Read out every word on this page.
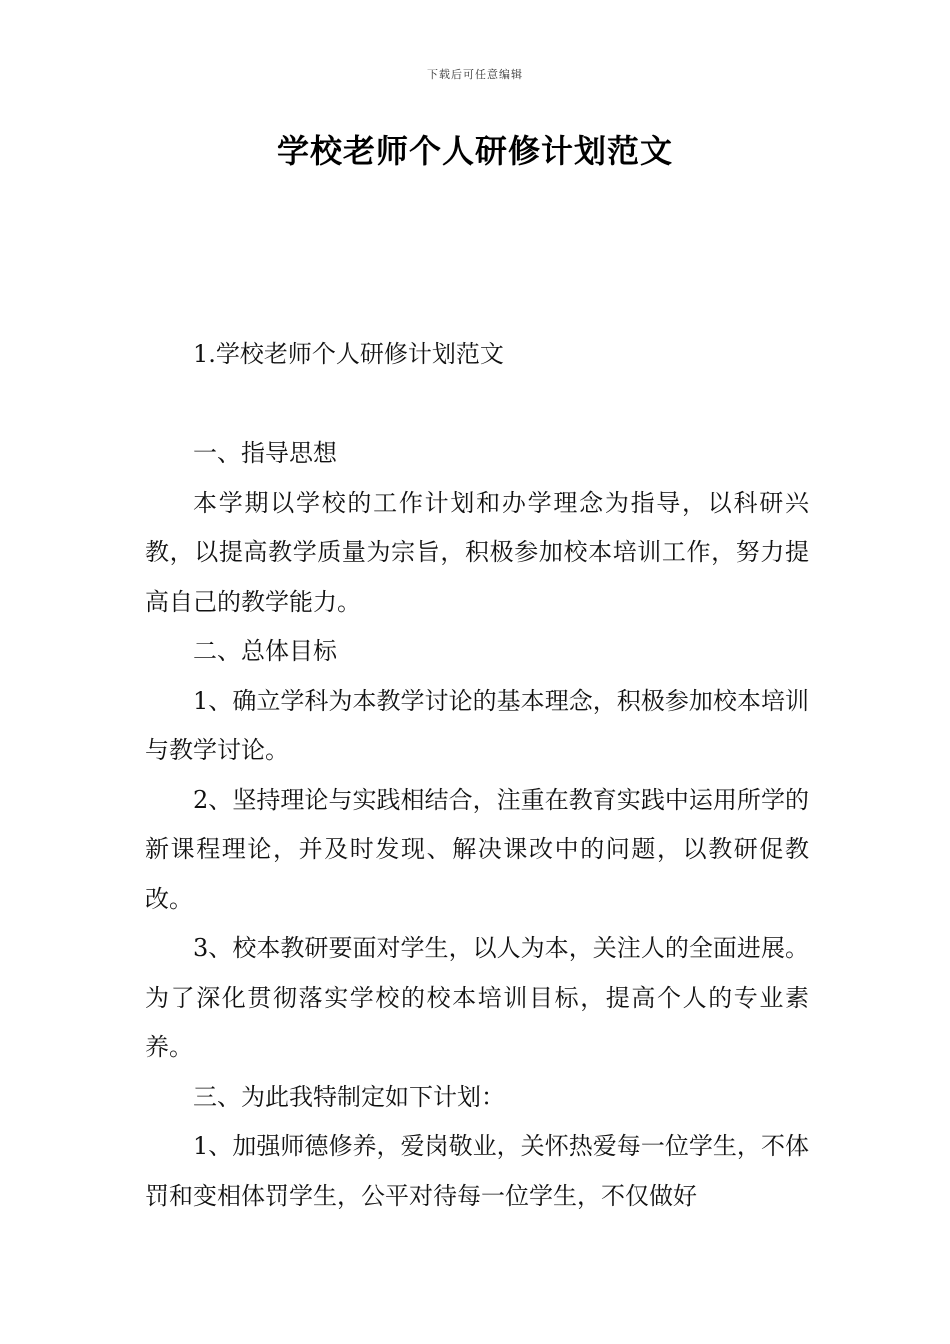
下载后可任意编辑
学校老师个人研修计划范文

1.学校老师个人研修计划范文

一、指导思想

本学期以学校的工作计划和办学理念为指导，以科研兴教，以提高教学质量为宗旨，积极参加校本培训工作，努力提高自己的教学能力。

二、总体目标

1、确立学科为本教学讨论的基本理念，积极参加校本培训与教学讨论。

2、坚持理论与实践相结合，注重在教育实践中运用所学的新课程理论，并及时发现、解决课改中的问题，以教研促教改。

3、校本教研要面对学生，以人为本，关注人的全面进展。为了深化贯彻落实学校的校本培训目标，提高个人的专业素养。

三、为此我特制定如下计划：

1、加强师德修养，爱岗敬业，关怀热爱每一位学生，不体罚和变相体罚学生，公平对待每一位学生，不仅做好
